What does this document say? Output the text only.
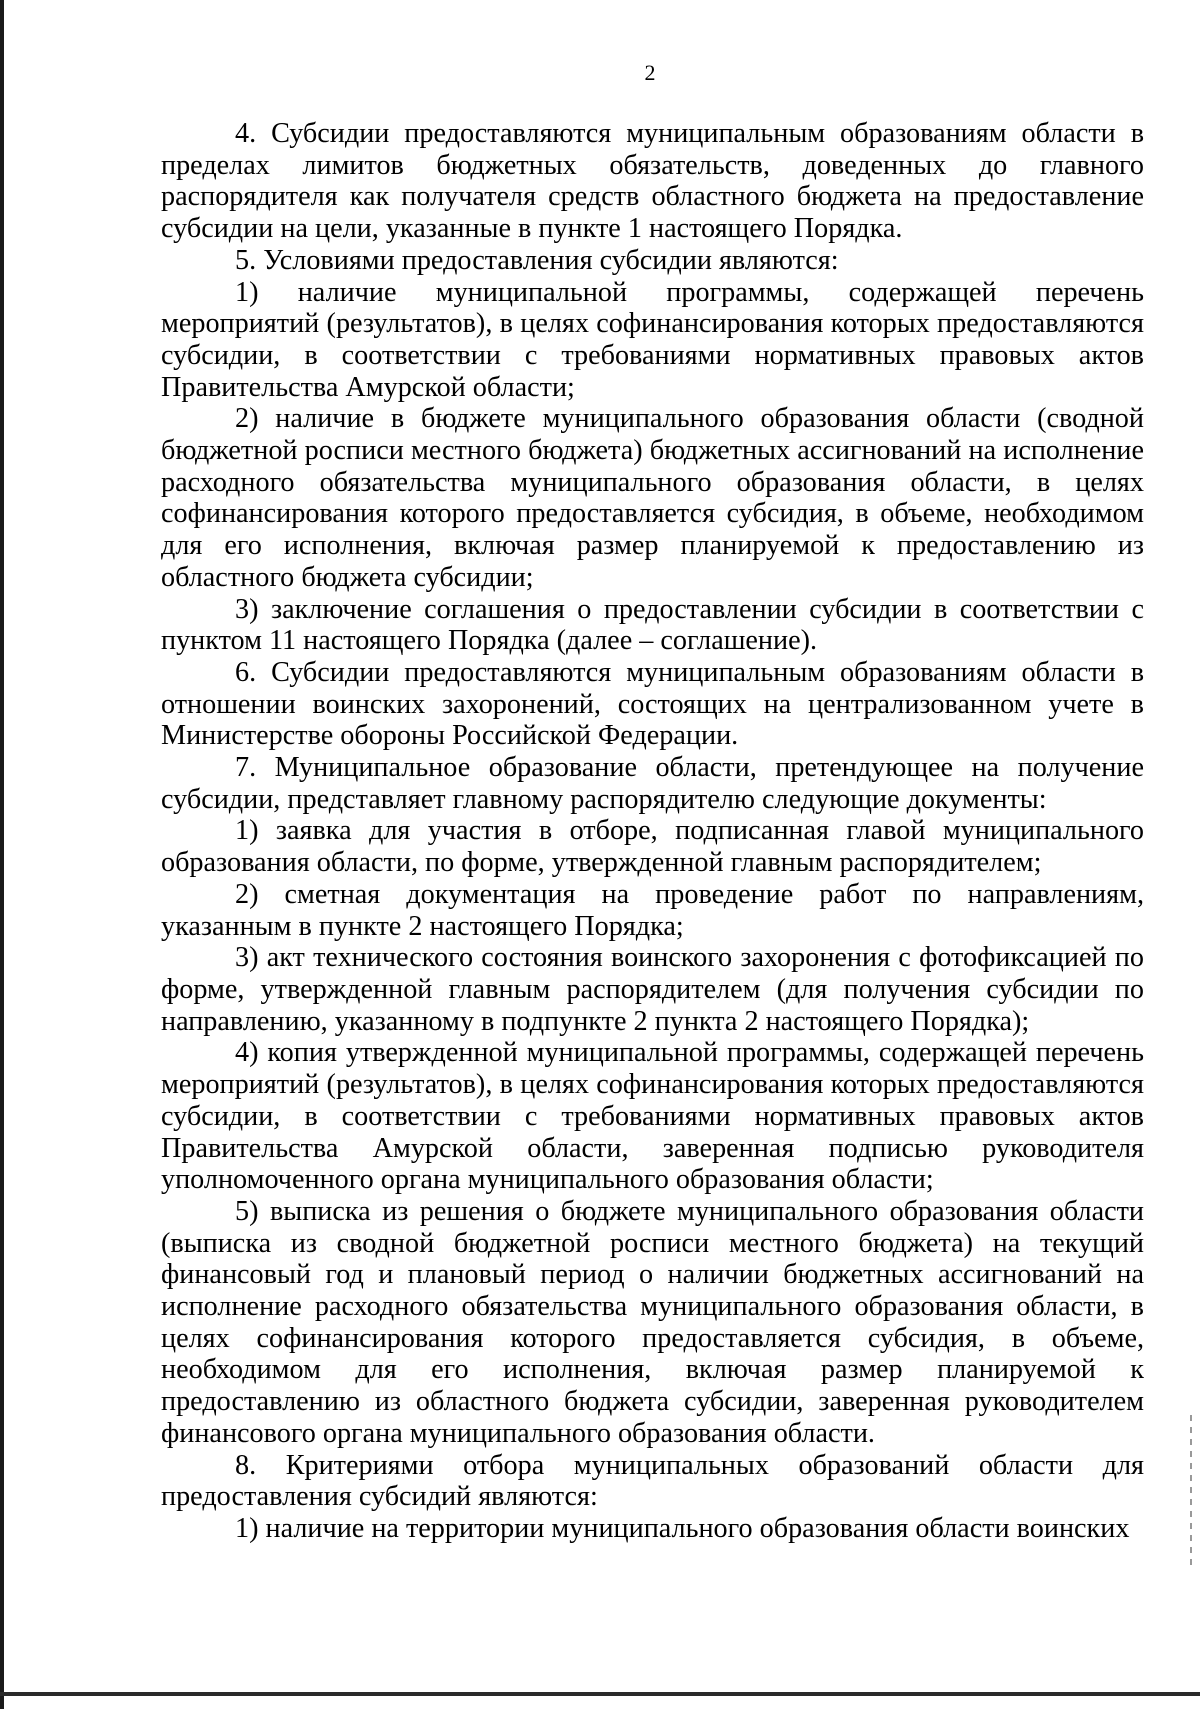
2

4. Субсидии предоставляются муниципальным образованиям области в пределах лимитов бюджетных обязательств, доведенных до главного распорядителя как получателя средств областного бюджета на предоставление субсидии на цели, указанные в пункте 1 настоящего Порядка.

5. Условиями предоставления субсидии являются:

1) наличие муниципальной программы, содержащей перечень мероприятий (результатов), в целях софинансирования которых предоставляются субсидии, в соответствии с требованиями нормативных правовых актов Правительства Амурской области;

2) наличие в бюджете муниципального образования области (сводной бюджетной росписи местного бюджета) бюджетных ассигнований на исполнение расходного обязательства муниципального образования области, в целях софинансирования которого предоставляется субсидия, в объеме, необходимом для его исполнения, включая размер планируемой к предоставлению из областного бюджета субсидии;

3) заключение соглашения о предоставлении субсидии в соответствии с пунктом 11 настоящего Порядка (далее – соглашение).

6. Субсидии предоставляются муниципальным образованиям области в отношении воинских захоронений, состоящих на централизованном учете в Министерстве обороны Российской Федерации.

7. Муниципальное образование области, претендующее на получение субсидии, представляет главному распорядителю следующие документы:

1) заявка для участия в отборе, подписанная главой муниципального образования области, по форме, утвержденной главным распорядителем;

2) сметная документация на проведение работ по направлениям, указанным в пункте 2 настоящего Порядка;

3) акт технического состояния воинского захоронения с фотофиксацией по форме, утвержденной главным распорядителем (для получения субсидии по направлению, указанному в подпункте 2 пункта 2 настоящего Порядка);

4) копия утвержденной муниципальной программы, содержащей перечень мероприятий (результатов), в целях софинансирования которых предоставляются субсидии, в соответствии с требованиями нормативных правовых актов Правительства Амурской области, заверенная подписью руководителя уполномоченного органа муниципального образования области;

5) выписка из решения о бюджете муниципального образования области (выписка из сводной бюджетной росписи местного бюджета) на текущий финансовый год и плановый период о наличии бюджетных ассигнований на исполнение расходного обязательства муниципального образования области, в целях софинансирования которого предоставляется субсидия, в объеме, необходимом для его исполнения, включая размер планируемой к предоставлению из областного бюджета субсидии, заверенная руководителем финансового органа муниципального образования области.

8. Критериями отбора муниципальных образований области для предоставления субсидий являются:

1) наличие на территории муниципального образования области воинских
